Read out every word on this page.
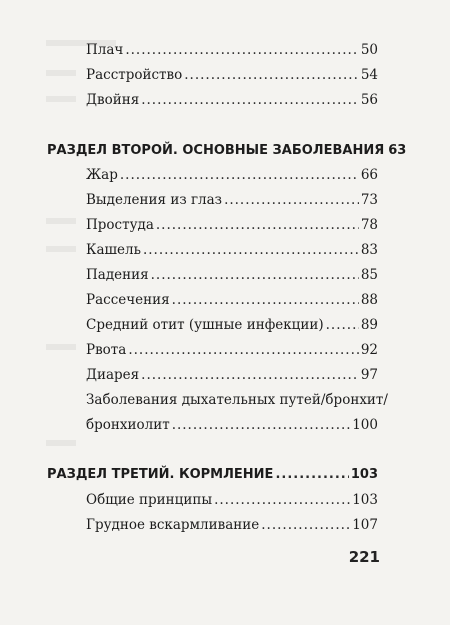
Плач .....	50
Расстройство .....	54
Двойня .....	56
РАЗДЕЛ ВТОРОЙ. ОСНОВНЫЕ ЗАБОЛЕВАНИЯ 63
Жар .....	66
Выделения из глаз .....	73
Простуда .....	78
Кашель .....	83
Падения .....	85
Рассечения .....	88
Средний отит (ушные инфекции) .....	89
Рвота .....	92
Диарея .....	97
Заболевания дыхательных путей/бронхит/
бронхиолит .....	100
РАЗДЕЛ ТРЕТИЙ. КОРМЛЕНИЕ .....	103
Общие принципы .....	103
Грудное вскармливание .....	107
221
